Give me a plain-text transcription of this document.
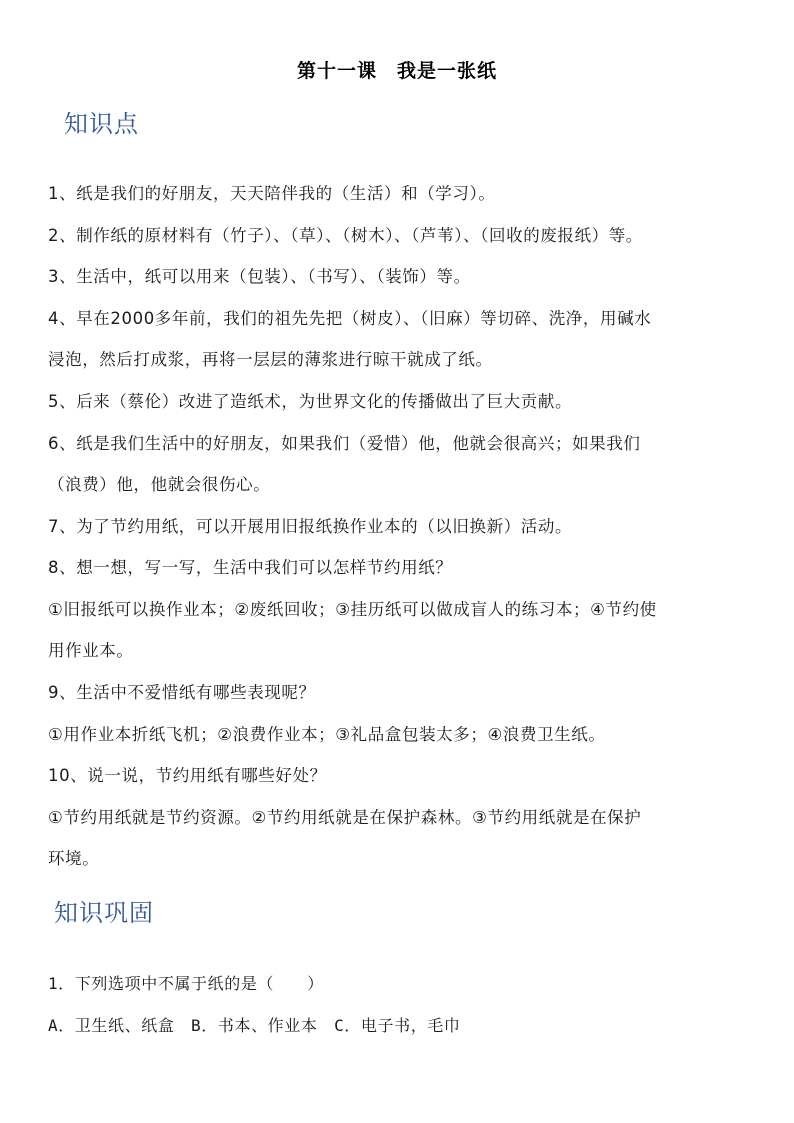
第十一课　我是一张纸
知识点
1、纸是我们的好朋友，天天陪伴我的（生活）和（学习）。
2、制作纸的原材料有（竹子）、（草）、（树木）、（芦苇）、（回收的废报纸）等。
3、生活中，纸可以用来（包装）、（书写）、（装饰）等。
4、早在2000多年前，我们的祖先先把（树皮）、（旧麻）等切碎、洗净，用碱水
浸泡，然后打成浆，再将一层层的薄浆进行晾干就成了纸。
5、后来（蔡伦）改进了造纸术，为世界文化的传播做出了巨大贡献。
6、纸是我们生活中的好朋友，如果我们（爱惜）他，他就会很高兴；如果我们
（浪费）他，他就会很伤心。
7、为了节约用纸，可以开展用旧报纸换作业本的（以旧换新）活动。
8、想一想，写一写，生活中我们可以怎样节约用纸？
①旧报纸可以换作业本；②废纸回收；③挂历纸可以做成盲人的练习本；④节约使
用作业本。
9、生活中不爱惜纸有哪些表现呢？
①用作业本折纸飞机；②浪费作业本；③礼品盒包装太多；④浪费卫生纸。
10、说一说，节约用纸有哪些好处？
①节约用纸就是节约资源。②节约用纸就是在保护森林。③节约用纸就是在保护
环境。
知识巩固
1．下列选项中不属于纸的是（　　）
A．卫生纸、纸盒　B．书本、作业本　C．电子书，毛巾
